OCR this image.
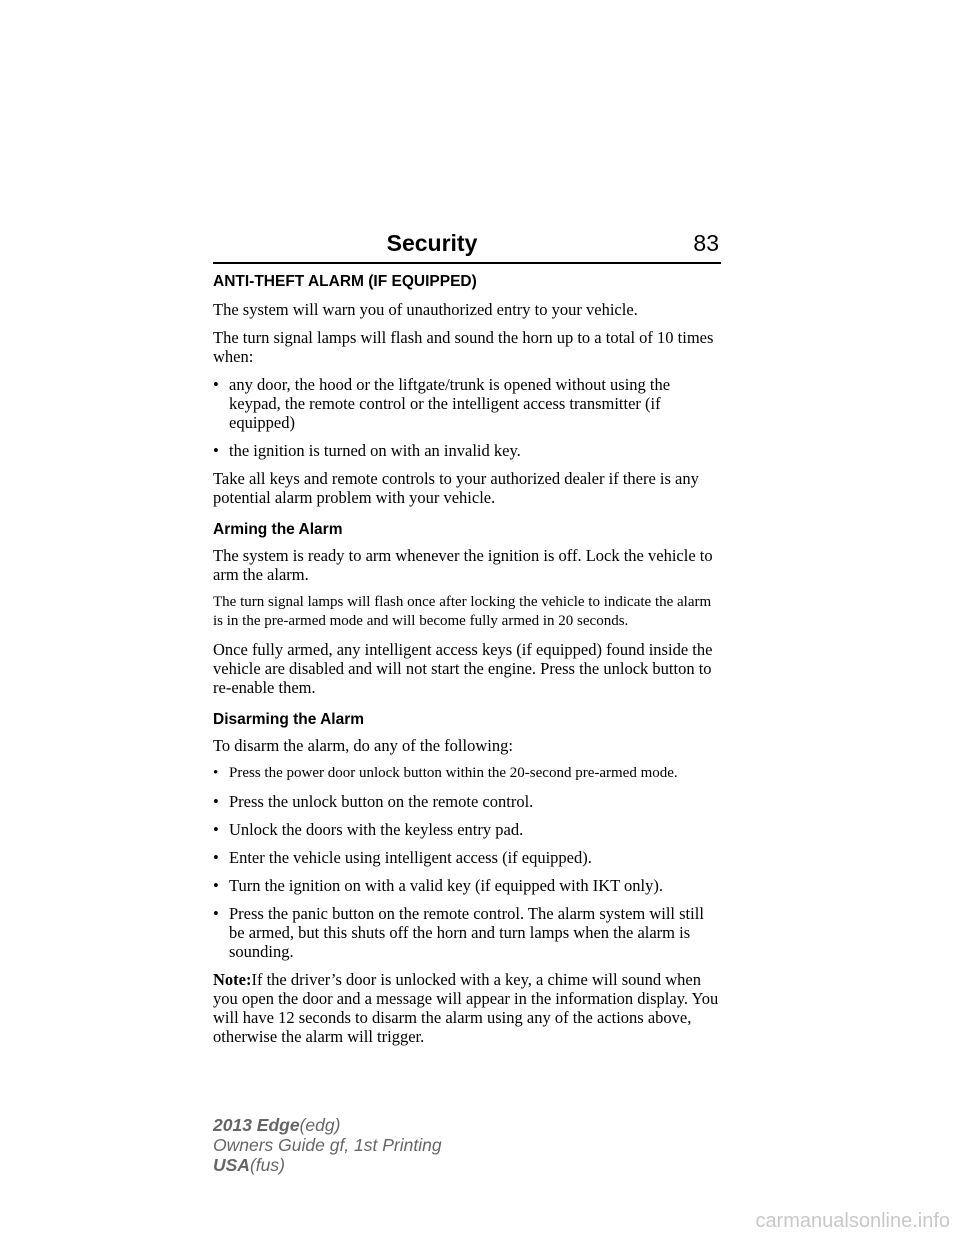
Security	83
ANTI-THEFT ALARM (IF EQUIPPED)

The system will warn you of unauthorized entry to your vehicle.

The turn signal lamps will flash and sound the horn up to a total of 10 times when:

• any door, the hood or the liftgate/trunk is opened without using the keypad, the remote control or the intelligent access transmitter (if equipped)
• the ignition is turned on with an invalid key.

Take all keys and remote controls to your authorized dealer if there is any potential alarm problem with your vehicle.

Arming the Alarm

The system is ready to arm whenever the ignition is off. Lock the vehicle to arm the alarm.

The turn signal lamps will flash once after locking the vehicle to indicate the alarm is in the pre-armed mode and will become fully armed in 20 seconds.

Once fully armed, any intelligent access keys (if equipped) found inside the vehicle are disabled and will not start the engine. Press the unlock button to re-enable them.

Disarming the Alarm

To disarm the alarm, do any of the following:

• Press the power door unlock button within the 20-second pre-armed mode.
• Press the unlock button on the remote control.
• Unlock the doors with the keyless entry pad.
• Enter the vehicle using intelligent access (if equipped).
• Turn the ignition on with a valid key (if equipped with IKT only).
• Press the panic button on the remote control. The alarm system will still be armed, but this shuts off the horn and turn lamps when the alarm is sounding.

Note:If the driver’s door is unlocked with a key, a chime will sound when you open the door and a message will appear in the information display. You will have 12 seconds to disarm the alarm using any of the actions above, otherwise the alarm will trigger.

2013 Edge(edg)
Owners Guide gf, 1st Printing
USA(fus)
carmanualsonline.info
